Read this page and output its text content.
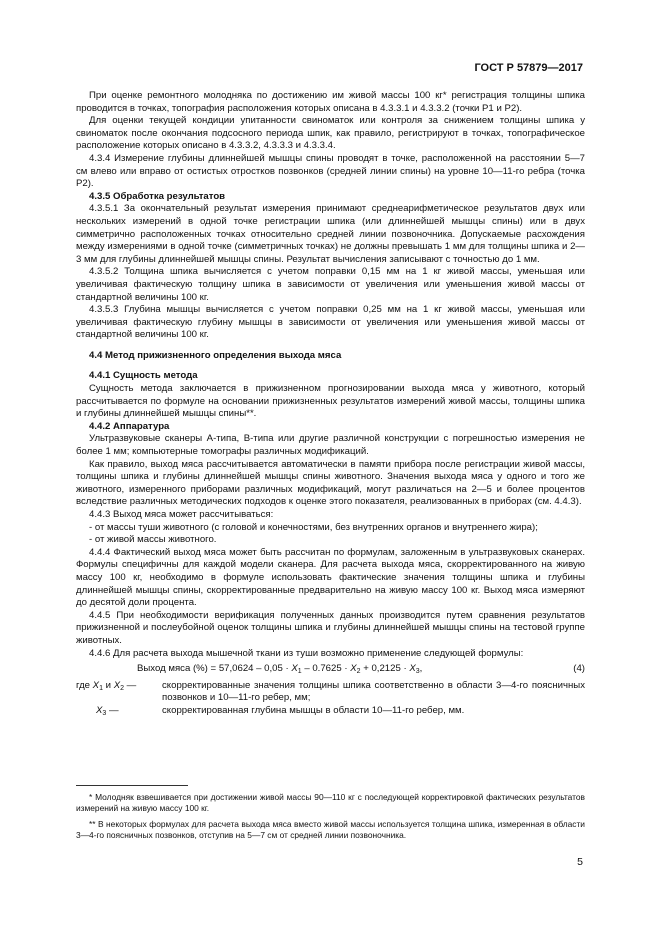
ГОСТ Р 57879—2017

При оценке ремонтного молодняка по достижению им живой массы 100 кг* регистрация толщины шпика проводится в точках, топография расположения которых описана в 4.3.3.1 и 4.3.3.2 (точки Р1 и Р2).

Для оценки текущей кондиции упитанности свиноматок или контроля за снижением толщины шпика у свиноматок после окончания подсосного периода шпик, как правило, регистрируют в точках, топографическое расположение которых описано в 4.3.3.2, 4.3.3.3 и 4.3.3.4.

4.3.4 Измерение глубины длиннейшей мышцы спины проводят в точке, расположенной на расстоянии 5—7 см влево или вправо от остистых отростков позвонков (средней линии спины) на уровне 10—11-го ребра (точка Р2).

4.3.5 Обработка результатов

4.3.5.1 За окончательный результат измерения принимают среднеарифметическое результатов двух или нескольких измерений в одной точке регистрации шпика (или длиннейшей мышцы спины) или в двух симметрично расположенных точках относительно средней линии позвоночника. Допускаемые расхождения между измерениями в одной точке (симметричных точках) не должны превышать 1 мм для толщины шпика и 2—3 мм для глубины длиннейшей мышцы спины. Результат вычисления записывают с точностью до 1 мм.

4.3.5.2 Толщина шпика вычисляется с учетом поправки 0,15 мм на 1 кг живой массы, уменьшая или увеличивая фактическую толщину шпика в зависимости от увеличения или уменьшения живой массы от стандартной величины 100 кг.

4.3.5.3 Глубина мышцы вычисляется с учетом поправки 0,25 мм на 1 кг живой массы, уменьшая или увеличивая фактическую глубину мышцы в зависимости от увеличения или уменьшения живой массы от стандартной величины 100 кг.

4.4 Метод прижизненного определения выхода мяса

4.4.1 Сущность метода

Сущность метода заключается в прижизненном прогнозировании выхода мяса у животного, который рассчитывается по формуле на основании прижизненных результатов измерений живой массы, толщины шпика и глубины длиннейшей мышцы спины**.

4.4.2 Аппаратура

Ультразвуковые сканеры А-типа, В-типа или другие различной конструкции с погрешностью измерения не более 1 мм; компьютерные томографы различных модификаций.

Как правило, выход мяса рассчитывается автоматически в памяти прибора после регистрации живой массы, толщины шпика и глубины длиннейшей мышцы спины животного. Значения выхода мяса у одного и того же животного, измеренного приборами различных модификаций, могут различаться на 2—5 и более процентов вследствие различных методических подходов к оценке этого показателя, реализованных в приборах (см. 4.4.3).

4.4.3 Выход мяса может рассчитываться:

- от массы туши животного (с головой и конечностями, без внутренних органов и внутреннего жира);

- от живой массы животного.

4.4.4 Фактический выход мяса может быть рассчитан по формулам, заложенным в ультразвуковых сканерах. Формулы специфичны для каждой модели сканера. Для расчета выхода мяса, скорректированного на живую массу 100 кг, необходимо в формуле использовать фактические значения толщины шпика и глубины длиннейшей мышцы спины, скорректированные предварительно на живую массу 100 кг. Выход мяса измеряют до десятой доли процента.

4.4.5 При необходимости верификация полученных данных производится путем сравнения результатов прижизненной и послеубойной оценок толщины шпика и глубины длиннейшей мышцы спины на тестовой группе животных.

4.4.6 Для расчета выхода мышечной ткани из туши возможно применение следующей формулы:

Выход мяса (%) = $57,0624 - 0,05 \cdot X_1 - 0.7625 \cdot X_2 + 0,2125 \cdot X_3$,	(4)
где $X_1$ и $X_2$ —	скорректированные значения толщины шпика соответственно в области 3—4-го поясничных позвонков и 10—11-го ребер, мм;
$X_3$ —	скорректированная глубина мышцы в области 10—11-го ребер, мм.

* Молодняк взвешивается при достижении живой массы 90—110 кг с последующей корректировкой фактических результатов измерений на живую массу 100 кг.

** В некоторых формулах для расчета выхода мяса вместо живой массы используется толщина шпика, измеренная в области 3—4-го поясничных позвонков, отступив на 5—7 см от средней линии позвоночника.

5
